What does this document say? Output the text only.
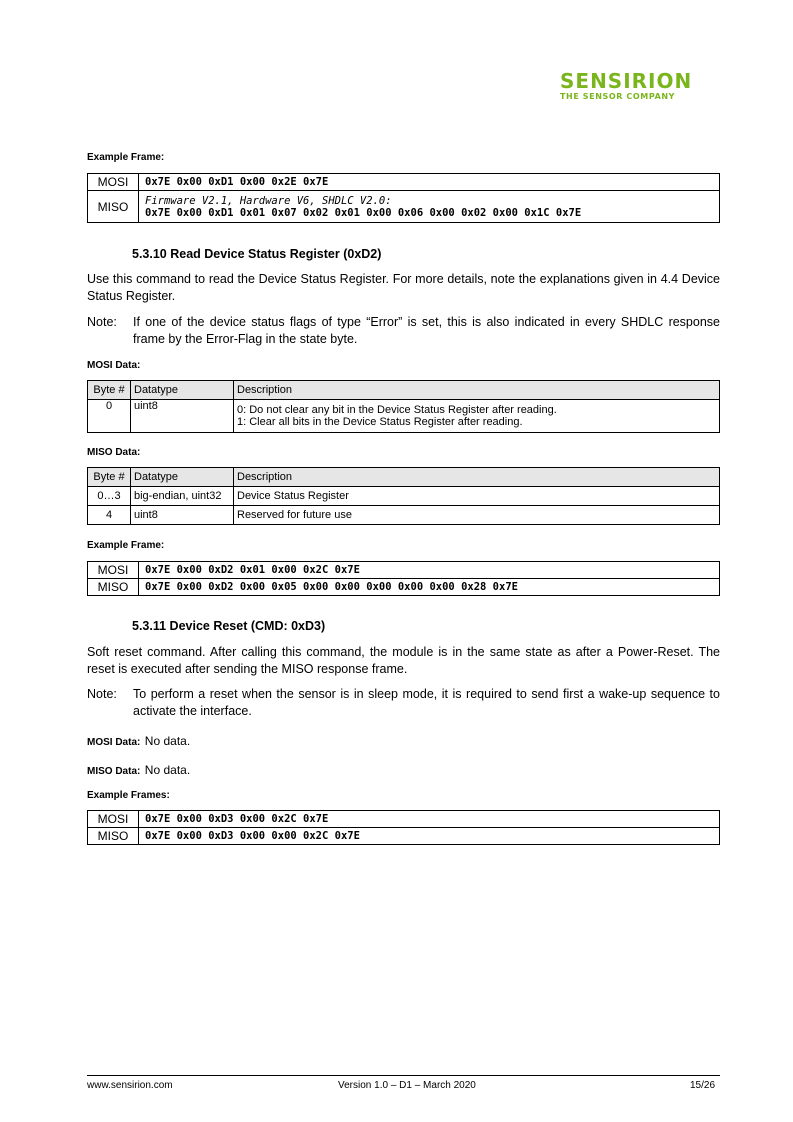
SENSIRION
THE SENSOR COMPANY
Example Frame:
MOSI	0x7E 0x00 0xD1 0x00 0x2E 0x7E
MISO	Firmware V2.1, Hardware V6, SHDLC V2.0:
0x7E 0x00 0xD1 0x01 0x07 0x02 0x01 0x00 0x06 0x00 0x02 0x00 0x1C 0x7E
5.3.10 Read Device Status Register (0xD2)
Use this command to read the Device Status Register. For more details, note the explanations given in 4.4 Device Status Register.
Note: If one of the device status flags of type “Error” is set, this is also indicated in every SHDLC response frame by the Error-Flag in the state byte.
MOSI Data:
Byte #	Datatype	Description
0	uint8	0: Do not clear any bit in the Device Status Register after reading.
1: Clear all bits in the Device Status Register after reading.
MISO Data:
Byte #	Datatype	Description
0…3	big-endian, uint32	Device Status Register
4	uint8	Reserved for future use
Example Frame:
MOSI	0x7E 0x00 0xD2 0x01 0x00 0x2C 0x7E
MISO	0x7E 0x00 0xD2 0x00 0x05 0x00 0x00 0x00 0x00 0x00 0x28 0x7E
5.3.11 Device Reset (CMD: 0xD3)
Soft reset command. After calling this command, the module is in the same state as after a Power-Reset. The reset is executed after sending the MISO response frame.
Note: To perform a reset when the sensor is in sleep mode, it is required to send first a wake-up sequence to activate the interface.
MOSI Data: No data.
MISO Data: No data.
Example Frames:
MOSI	0x7E 0x00 0xD3 0x00 0x2C 0x7E
MISO	0x7E 0x00 0xD3 0x00 0x00 0x2C 0x7E
www.sensirion.com	Version 1.0 – D1 – March 2020	15/26
